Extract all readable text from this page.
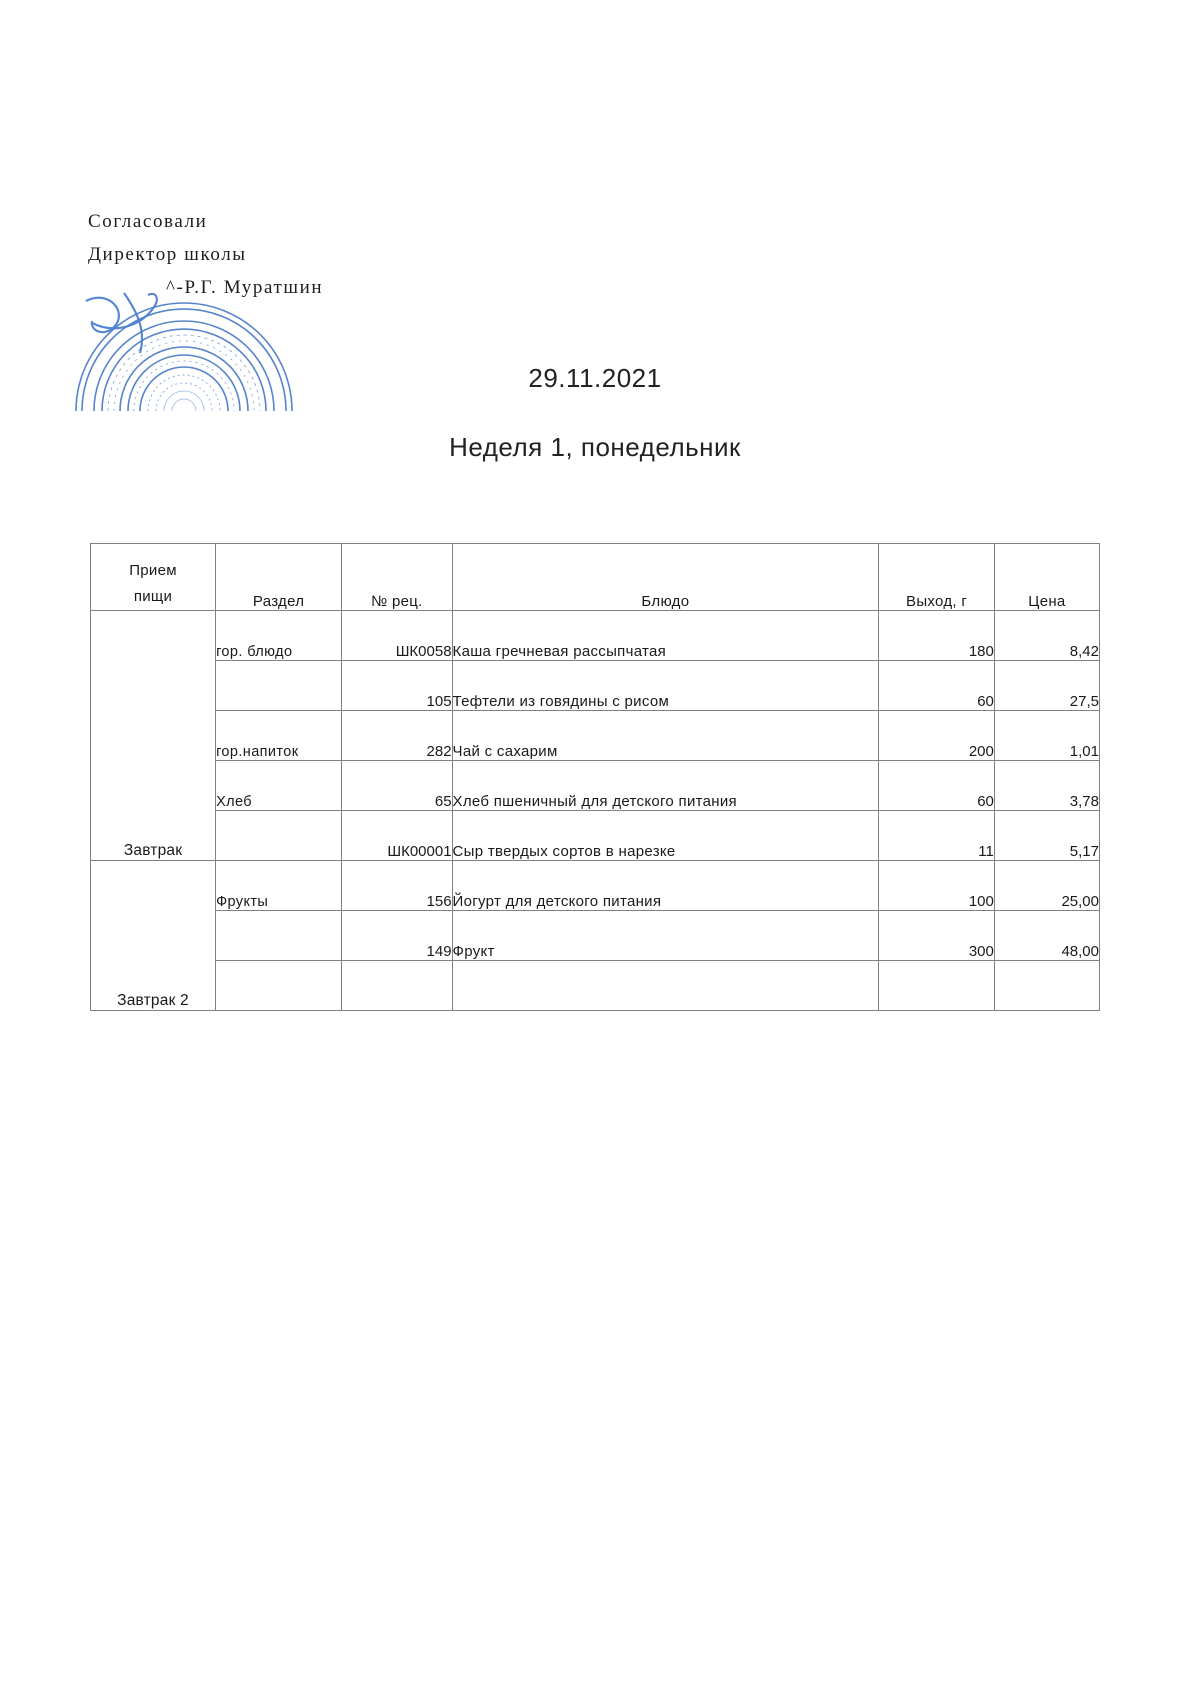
Согласовали
Директор школы
^-Р.Г. Муратшин
29.11.2021
Неделя 1, понедельник
Прием
пищи	Раздел	№ рец.	Блюдо	Выход, г	Цена
Завтрак	гор. блюдо	ШК0058	Каша гречневая рассыпчатая	180	8,42
		105	Тефтели из говядины с рисом	60	27,5
	гор.напиток	282	Чай с сахарим	200	1,01
	Хлеб	65	Хлеб пшеничный для детского питания	60	3,78
		ШК00001	Сыр твердых сортов в нарезке	11	5,17
Завтрак 2	Фрукты	156	Йогурт для детского питания	100	25,00
		149	Фрукт	300	48,00
